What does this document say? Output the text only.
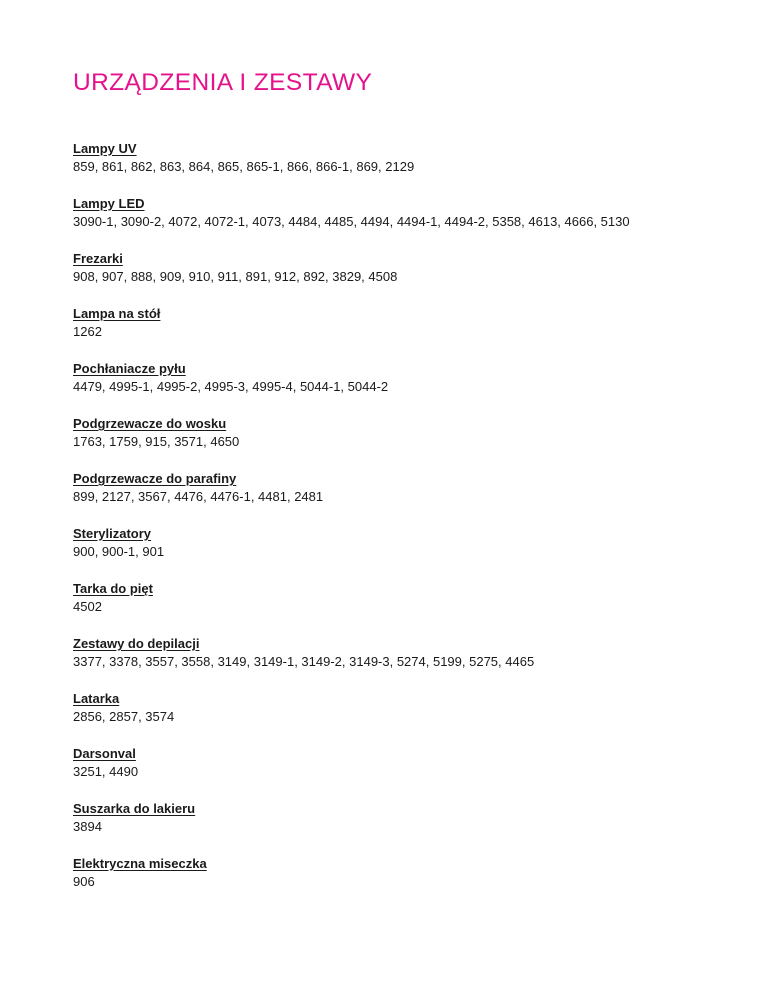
URZĄDZENIA I ZESTAWY
Lampy UV
859, 861, 862, 863, 864, 865, 865-1, 866, 866-1, 869, 2129
Lampy LED
3090-1, 3090-2, 4072, 4072-1, 4073, 4484, 4485, 4494, 4494-1, 4494-2, 5358, 4613, 4666, 5130
Frezarki
908, 907, 888, 909, 910, 911, 891, 912, 892, 3829, 4508
Lampa na stół
1262
Pochłaniacze pyłu
4479, 4995-1, 4995-2, 4995-3, 4995-4, 5044-1, 5044-2
Podgrzewacze do wosku
1763, 1759, 915, 3571, 4650
Podgrzewacze do parafiny
899, 2127, 3567, 4476, 4476-1, 4481, 2481
Sterylizatory
900, 900-1, 901
Tarka do pięt
4502
Zestawy do depilacji
3377, 3378, 3557, 3558, 3149, 3149-1, 3149-2, 3149-3, 5274, 5199, 5275, 4465
Latarka
2856, 2857, 3574
Darsonval
3251, 4490
Suszarka do lakieru
3894
Elektryczna miseczka
906
